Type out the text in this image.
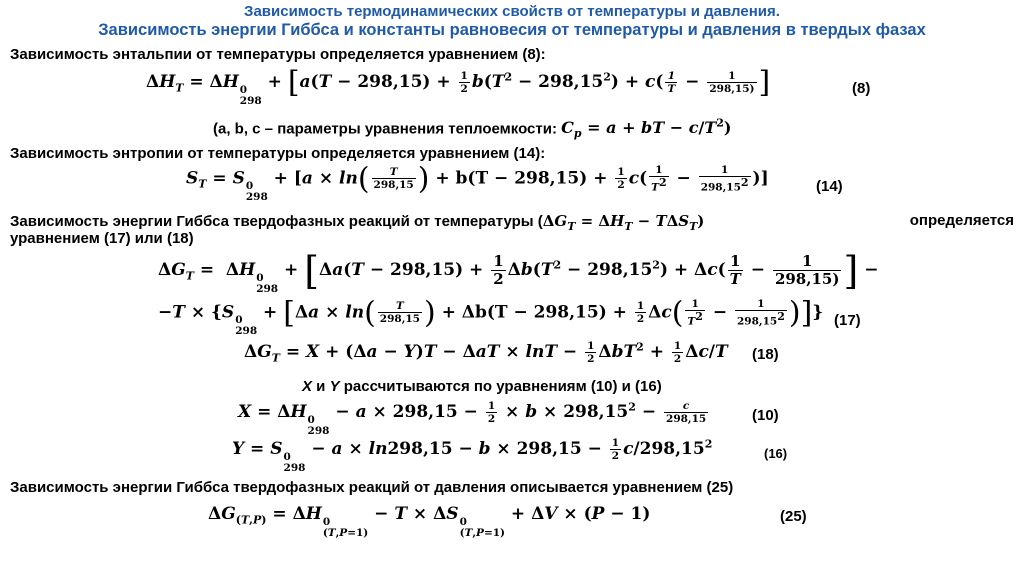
Зависимость термодинамических свойств от температуры и давления.
Зависимость энергии Гиббса и константы равновесия от температуры и давления в твердых фазах
Зависимость энтальпии от температуры определяется уравнением (8):
$\Delta H_T = \Delta H$ 0
298
+ [$a(T - 298,15) + \frac{1}{2} b(T^2 - 298,15^2) + c( \frac{1}{T} - \frac{1}{298,15)}$ ]	(8)
(a, b, c – параметры уравнения теплоемкости: $C_p = a$ + bT − $c/T^2$)
Зависимость энтропии от температуры определяется уравнением (14):
$S_T = S$ 0
298
+ [$a \times \ln( \frac{T}{298,15}$ ) + $b(T - 298,15) + \frac{1}{2} c( \frac{1}{T^2} - \frac{1}{298,15^2}$ )]	(14)
Зависимость энергии Гиббса твердофазных реакций от температуры $(\Delta G_T = \Delta H_T - T\Delta S_T)$	определяется
уравнением (17) или (18)
$\Delta G_T = \Delta H$ 0
298
+ [$\Delta a(T - 298,15) + \frac{1}{2} \Delta b(T^2 - 298,15^2) + \Delta c( \frac{1}{T} - \frac{1}{298,15)}$ ] −
−T × {S 0
298
+ [$\Delta a \times \ln( \frac{T}{298,15}$ ) + $\Delta b(T - 298,15) + \frac{1}{2} \Delta c( \frac{1}{T^2} - \frac{1}{298,15^2}$ )]} (17)
$\Delta G_T = X + (\Delta a - Y)T - \Delta aT \times \ln T - \frac{1}{2} \Delta bT^2 + \frac{1}{2} \Delta c/T$ (18)
X и Y рассчитываются по уравнениям (10) и (16)
X = ΔH 0
298
− $a \times 298,15 - \frac{1}{2} \times b \times 298,15^2 - \frac{c}{298,15}$	(10)
Y = S 0
298
− $a \times \ln 298,15 - b \times 298,15 - \frac{1}{2} c/298,15^2$
(16)
Зависимость энергии Гиббса твердофазных реакций от давления описывается уравнением (25)
$\Delta G_{(T,P)} = \Delta H$ 0
(T,P=1)
− T × ΔS 0
(T,P=1)
+ ΔV × (P − 1)	(25)
